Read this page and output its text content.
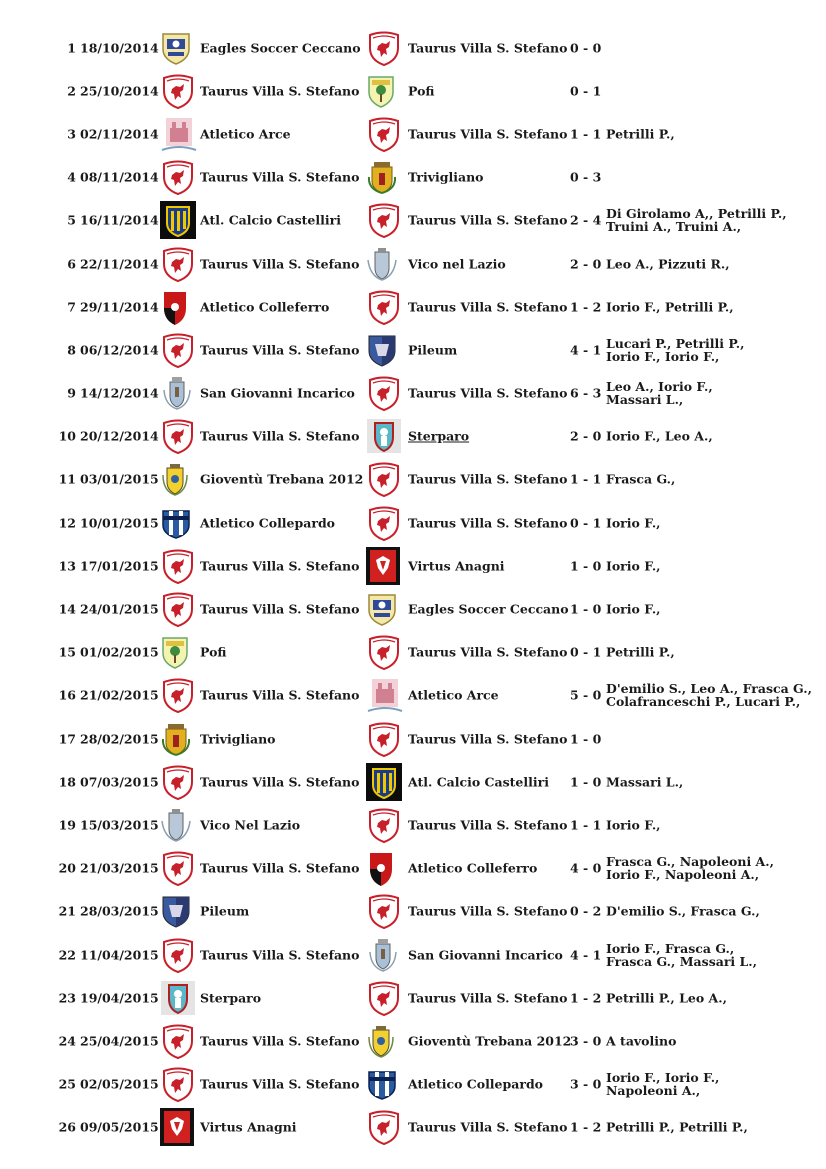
1 18/10/2014	Eagles Soccer Ceccano	Taurus Villa S. Stefano 0 - 0
2 25/10/2014	Taurus Villa S. Stefano	Pofi	0 - 1
3 02/11/2014	Atletico Arce	Taurus Villa S. Stefano 1 - 1 Petrilli P.,
4 08/11/2014	Taurus Villa S. Stefano	Trivigliano	0 - 3
5 16/11/2014	Atl. Calcio Castelliri	Taurus Villa S. Stefano 2 - 4 Di Girolamo A,, Petrilli P.,
Truini A., Truini A.,
6 22/11/2014	Taurus Villa S. Stefano	Vico nel Lazio	2 - 0 Leo A., Pizzuti R.,
7 29/11/2014	Atletico Colleferro	Taurus Villa S. Stefano 1 - 2 Iorio F., Petrilli P.,
8 06/12/2014	Taurus Villa S. Stefano	Pileum	4 - 1 Lucari P., Petrilli P.,
Iorio F., Iorio F.,
9 14/12/2014	San Giovanni Incarico	Taurus Villa S. Stefano 6 - 3 Leo A., Iorio F.,
Massari L.,
10 20/12/2014	Taurus Villa S. Stefano	Sterparo	2 - 0 Iorio F., Leo A.,
11 03/01/2015	Gioventù Trebana 2012	Taurus Villa S. Stefano 1 - 1 Frasca G.,
12 10/01/2015	Atletico Collepardo	Taurus Villa S. Stefano 0 - 1 Iorio F.,
13 17/01/2015	Taurus Villa S. Stefano	Virtus Anagni	1 - 0 Iorio F.,
14 24/01/2015	Taurus Villa S. Stefano	Eagles Soccer Ceccano 1 - 0 Iorio F.,
15 01/02/2015	Pofi	Taurus Villa S. Stefano 0 - 1 Petrilli P.,
16 21/02/2015	Taurus Villa S. Stefano	Atletico Arce	5 - 0 D'emilio S., Leo A., Frasca G.,
Colafranceschi P., Lucari P.,
17 28/02/2015	Trivigliano	Taurus Villa S. Stefano 1 - 0
18 07/03/2015	Taurus Villa S. Stefano	Atl. Calcio Castelliri 1 - 0 Massari L.,
19 15/03/2015	Vico Nel Lazio	Taurus Villa S. Stefano 1 - 1 Iorio F.,
20 21/03/2015	Taurus Villa S. Stefano	Atletico Colleferro	4 - 0 Frasca G., Napoleoni A.,
Iorio F., Napoleoni A.,
21 28/03/2015	Pileum	Taurus Villa S. Stefano 0 - 2 D'emilio S., Frasca G.,
22 11/04/2015	Taurus Villa S. Stefano	San Giovanni Incarico 4 - 1 Iorio F., Frasca G.,
Frasca G., Massari L.,
23 19/04/2015	Sterparo	Taurus Villa S. Stefano 1 - 2 Petrilli P., Leo A.,
24 25/04/2015	Taurus Villa S. Stefano	Gioventù Trebana 2012
3 - 0 A tavolino
25 02/05/2015	Taurus Villa S. Stefano	Atletico Collepardo 3 - 0 Iorio F., Iorio F.,
Napoleoni A.,
26 09/05/2015	Virtus Anagni	Taurus Villa S. Stefano 1 - 2 Petrilli P., Petrilli P.,
